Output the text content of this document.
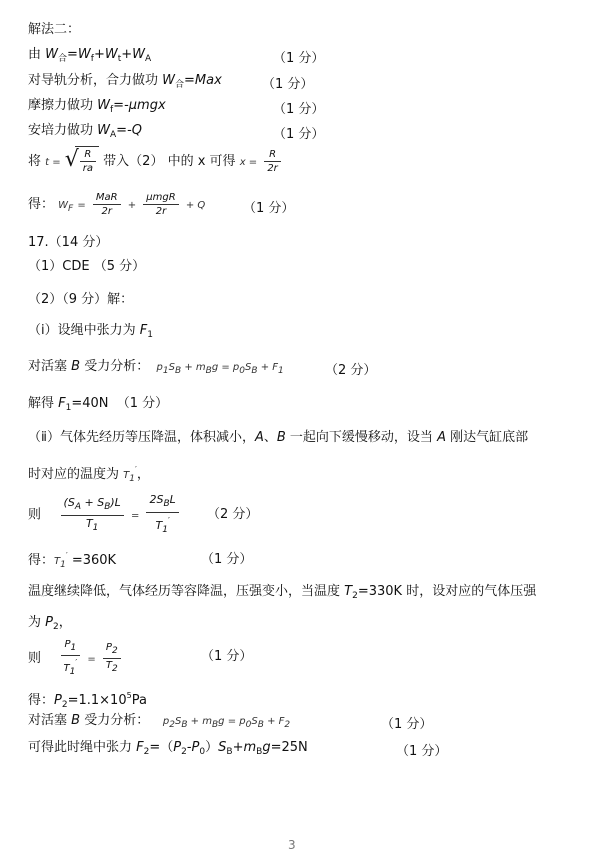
解法二：
由 $W_合=W_f+W_t+W_A$	（1 分）
对导轨分析，合力做功 $W_合=Max$	（1 分）
摩擦力做功 $W_f=$-μmgx	（1 分）
安培力做功 $W_A=-Q$	（1 分）
将 t = √ $\frac{R}{ra}$ 带入（2） 中的 x 可得 $x = \frac{R}{2r}$
得： $W_F = \frac{\text{MaR}}{2r} + \frac{\text{μmgR}}{2r} + Q$	（1 分）
17.（14 分）
（1）CDE （5 分）
（2）（9 分）解：
（ⅰ）设绳中张力为 $F_1$
对活塞 B 受力分析：  $p_1S_B + m_Bg = p_0S_B + F_1$	（2 分）
解得 $F_1=40N$  （1 分）
（ⅱ）气体先经历等压降温，体积减小，A、B 一起向下缓慢移动，设当 A 刚达气缸底部
时对应的温度为 $T_1'$，
则 $\frac{(S_A + S_B)L}{T_1} = \frac{2S_BL}{T_1'} (2$ 分）
得：$T_1' =360K$	（1 分）
温度继续降低，气体经历等容降温，压强变小，当温度 $T_2=330K$ 时，设对应的气体压强
为 $P_2$，
则 $\frac{P_1}{T_1'} = \frac{P_2}{T_2}$	（1 分）
得：$P_2=1.1\times 10^5Pa$
对活塞 B 受力分析：    $p_2S_B + m_Bg = p_0S_B + F_2$	（1 分）
可得此时绳中张力 $F_2=(P_2-P_0)S_B+m_Bg=25N$	（1 分）
3
